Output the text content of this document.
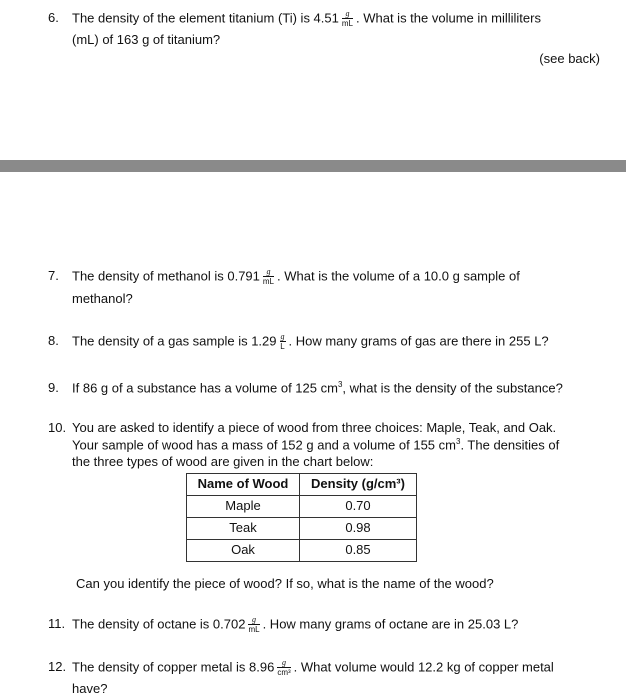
6. The density of the element titanium (Ti) is $4.51 \frac{g}{mL}$ . What is the volume in milliliters
(mL) of 163 g of titanium?
(see back)
7. The density of methanol is $0.791 \frac{g}{mL}$ . What is the volume of a 10.0 g sample of
methanol?
8. The density of a gas sample is $1.29 \frac{g}{L}$ . How many grams of gas are there in 255 L?
9. If 86 g of a substance has a volume of 125 $cm^3$, what is the density of the substance?
10. You are asked to identify a piece of wood from three choices: Maple, Teak, and Oak.
Your sample of wood has a mass of 152 g and a volume of 155 $cm^3$. The densities of
the three types of wood are given in the chart below:
Name of Wood	Density (g/cm³)
Maple	0.70
Teak	0.98
Oak	0.85
Can you identify the piece of wood? If so, what is the name of the wood?
11. The density of octane is $0.702 \frac{g}{mL}$ . How many grams of octane are in 25.03 L?
12. The density of copper metal is $8.96 \frac{g}{\text{cm³}}$ . What volume would 12.2 kg of copper metal
have?
